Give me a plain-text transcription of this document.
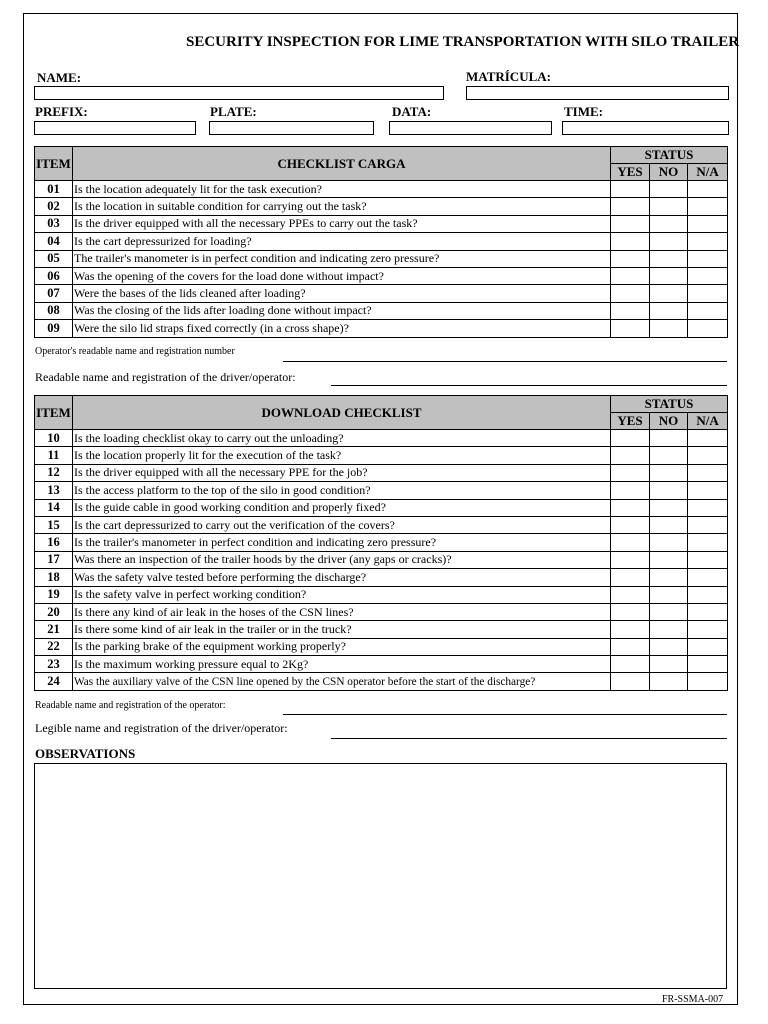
SECURITY INSPECTION FOR LIME TRANSPORTATION WITH SILO TRAILER
NAME:	MATRÍCULA:
PREFIX:	PLATE:	DATA:	TIME:
ITEM	CHECKLIST CARGA	STATUS		
		YES	NO	N/A
01	Is the location adequately lit for the task execution?			
02	Is the location in suitable condition for carrying out the task?			
03	Is the driver equipped with all the necessary PPEs to carry out the task?			
04	Is the cart depressurized for loading?			
05	The trailer's manometer is in perfect condition and indicating zero pressure?			
06	Was the opening of the covers for the load done without impact?			
07	Were the bases of the lids cleaned after loading?			
08	Was the closing of the lids after loading done without impact?			
09	Were the silo lid straps fixed correctly (in a cross shape)?			
Operator's readable name and registration number
Readable name and registration of the driver/operator:
ITEM	DOWNLOAD CHECKLIST	STATUS		
		YES	NO	N/A
10	Is the loading checklist okay to carry out the unloading?			
11	Is the location properly lit for the execution of the task?			
12	Is the driver equipped with all the necessary PPE for the job?			
13	Is the access platform to the top of the silo in good condition?			
14	Is the guide cable in good working condition and properly fixed?			
15	Is the cart depressurized to carry out the verification of the covers?			
16	Is the trailer's manometer in perfect condition and indicating zero pressure?			
17	Was there an inspection of the trailer hoods by the driver (any gaps or cracks)?			
18	Was the safety valve tested before performing the discharge?			
19	Is the safety valve in perfect working condition?			
20	Is there any kind of air leak in the hoses of the CSN lines?			
21	Is there some kind of air leak in the trailer or in the truck?			
22	Is the parking brake of the equipment working properly?			
23	Is the maximum working pressure equal to 2Kg?			
24	Was the auxiliary valve of the CSN line opened by the CSN operator before the start of the discharge?			
Readable name and registration of the operator:
Legible name and registration of the driver/operator:
OBSERVATIONS
FR-SSMA-007
